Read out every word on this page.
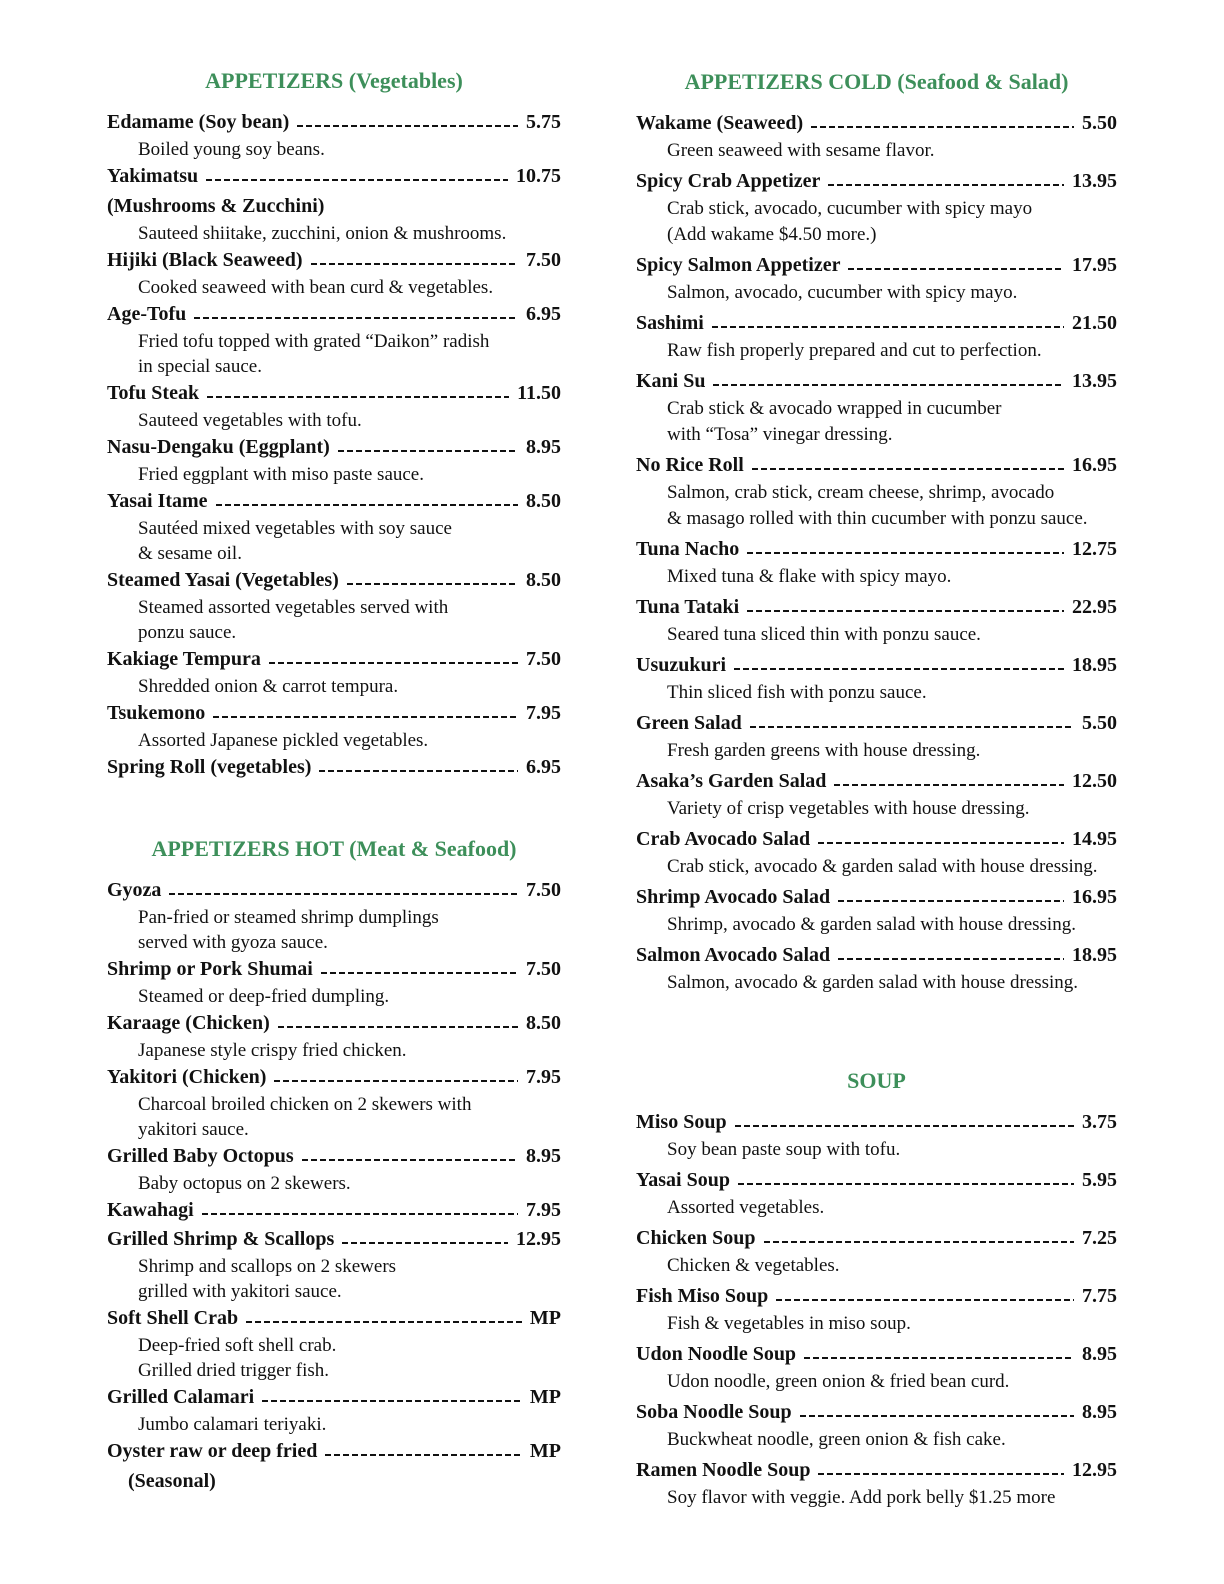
APPETIZERS (Vegetables)
Edamame (Soy bean)	5.75
Boiled young soy beans.
Yakimatsu	10.75
(Mushrooms & Zucchini)
Sauteed shiitake, zucchini, onion & mushrooms.
Hijiki (Black Seaweed)	7.50
Cooked seaweed with bean curd & vegetables.
Age-Tofu	6.95
Fried tofu topped with grated “Daikon” radish
in special sauce.
Tofu Steak	11.50
Sauteed vegetables with tofu.
Nasu-Dengaku (Eggplant)	8.95
Fried eggplant with miso paste sauce.
Yasai Itame	8.50
Sautéed mixed vegetables with soy sauce
& sesame oil.
Steamed Yasai (Vegetables)	8.50
Steamed assorted vegetables served with
ponzu sauce.
Kakiage Tempura	7.50
Shredded onion & carrot tempura.
Tsukemono	7.95
Assorted Japanese pickled vegetables.
Spring Roll (vegetables)	6.95
APPETIZERS HOT (Meat & Seafood)
Gyoza	7.50
Pan-fried or steamed shrimp dumplings
served with gyoza sauce.
Shrimp or Pork Shumai	7.50
Steamed or deep-fried dumpling.
Karaage (Chicken)	8.50
Japanese style crispy fried chicken.
Yakitori (Chicken)	7.95
Charcoal broiled chicken on 2 skewers with
yakitori sauce.
Grilled Baby Octopus	8.95
Baby octopus on 2 skewers.
Kawahagi	7.95
Grilled Shrimp & Scallops	12.95
Shrimp and scallops on 2 skewers
grilled with yakitori sauce.
Soft Shell Crab	MP
Deep-fried soft shell crab.
Grilled dried trigger fish.
Grilled Calamari	MP
Jumbo calamari teriyaki.
Oyster raw or deep fried	MP
(Seasonal)
APPETIZERS COLD (Seafood & Salad)
Wakame (Seaweed)	5.50
Green seaweed with sesame flavor.
Spicy Crab Appetizer	13.95
Crab stick, avocado, cucumber with spicy mayo
(Add wakame $4.50 more.)
Spicy Salmon Appetizer	17.95
Salmon, avocado, cucumber with spicy mayo.
Sashimi	21.50
Raw fish properly prepared and cut to perfection.
Kani Su	13.95
Crab stick & avocado wrapped in cucumber
with “Tosa” vinegar dressing.
No Rice Roll	16.95
Salmon, crab stick, cream cheese, shrimp, avocado
& masago rolled with thin cucumber with ponzu sauce.
Tuna Nacho	12.75
Mixed tuna & flake with spicy mayo.
Tuna Tataki	22.95
Seared tuna sliced thin with ponzu sauce.
Usuzukuri	18.95
Thin sliced fish with ponzu sauce.
Green Salad	5.50
Fresh garden greens with house dressing.
Asaka’s Garden Salad	12.50
Variety of crisp vegetables with house dressing.
Crab Avocado Salad	14.95
Crab stick, avocado & garden salad with house dressing.
Shrimp Avocado Salad	16.95
Shrimp, avocado & garden salad with house dressing.
Salmon Avocado Salad	18.95
Salmon, avocado & garden salad with house dressing.
SOUP
Miso Soup	3.75
Soy bean paste soup with tofu.
Yasai Soup	5.95
Assorted vegetables.
Chicken Soup	7.25
Chicken & vegetables.
Fish Miso Soup	7.75
Fish & vegetables in miso soup.
Udon Noodle Soup	8.95
Udon noodle, green onion & fried bean curd.
Soba Noodle Soup	8.95
Buckwheat noodle, green onion & fish cake.
Ramen Noodle Soup	12.95
Soy flavor with veggie. Add pork belly $1.25 more
